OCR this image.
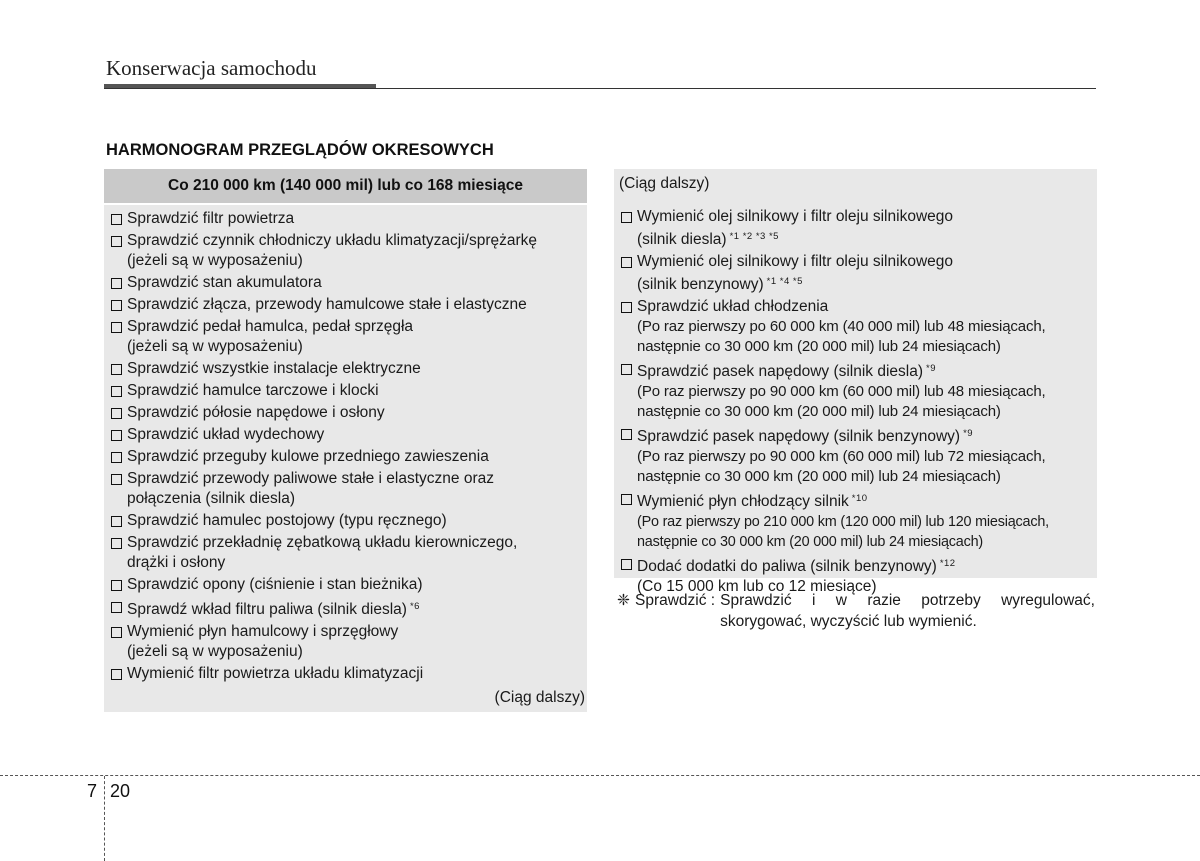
Konserwacja samochodu
HARMONOGRAM PRZEGLĄDÓW OKRESOWYCH
Co 210 000 km (140 000 mil) lub co 168 miesiące
Sprawdzić filtr powietrza
Sprawdzić czynnik chłodniczy układu klimatyzacji/sprężarkę
(jeżeli są w wyposażeniu)
Sprawdzić stan akumulatora
Sprawdzić złącza, przewody hamulcowe stałe i elastyczne
Sprawdzić pedał hamulca, pedał sprzęgła
(jeżeli są w wyposażeniu)
Sprawdzić wszystkie instalacje elektryczne
Sprawdzić hamulce tarczowe i klocki
Sprawdzić półosie napędowe i osłony
Sprawdzić układ wydechowy
Sprawdzić przeguby kulowe przedniego zawieszenia
Sprawdzić przewody paliwowe stałe i elastyczne oraz
połączenia (silnik diesla)
Sprawdzić hamulec postojowy (typu ręcznego)
Sprawdzić przekładnię zębatkową układu kierowniczego,
drążki i osłony
Sprawdzić opony (ciśnienie i stan bieżnika)
Sprawdź wkład filtru paliwa (silnik diesla) $^{*6}$
Wymienić płyn hamulcowy i sprzęgłowy
(jeżeli są w wyposażeniu)
Wymienić filtr powietrza układu klimatyzacji
(Ciąg dalszy)
(Ciąg dalszy)
Wymienić olej silnikowy i filtr oleju silnikowego
(silnik diesla) $^{*1 *2 *3 *5}$
Wymienić olej silnikowy i filtr oleju silnikowego
(silnik benzynowy) $^{*1 *4 *5}$
Sprawdzić układ chłodzenia
(Po raz pierwszy po 60 000 km (40 000 mil) lub 48 miesiącach,
następnie co 30 000 km (20 000 mil) lub 24 miesiącach)
Sprawdzić pasek napędowy (silnik diesla) $^{*9}$
(Po raz pierwszy po 90 000 km (60 000 mil) lub 48 miesiącach,
następnie co 30 000 km (20 000 mil) lub 24 miesiącach)
Sprawdzić pasek napędowy (silnik benzynowy) $^{*9}$
(Po raz pierwszy po 90 000 km (60 000 mil) lub 72 miesiącach,
następnie co 30 000 km (20 000 mil) lub 24 miesiącach)
Wymienić płyn chłodzący silnik $^{*10}$
(Po raz pierwszy po 210 000 km (120 000 mil) lub 120 miesiącach,
następnie co 30 000 km (20 000 mil) lub 24 miesiącach)
Dodać dodatki do paliwa (silnik benzynowy) $^{*12}$
(Co 15 000 km lub co 12 miesiące)
❈ Sprawdzić : Sprawdzić i w razie potrzeby wyregulować,
skorygować, wyczyścić lub wymienić.
7 20
